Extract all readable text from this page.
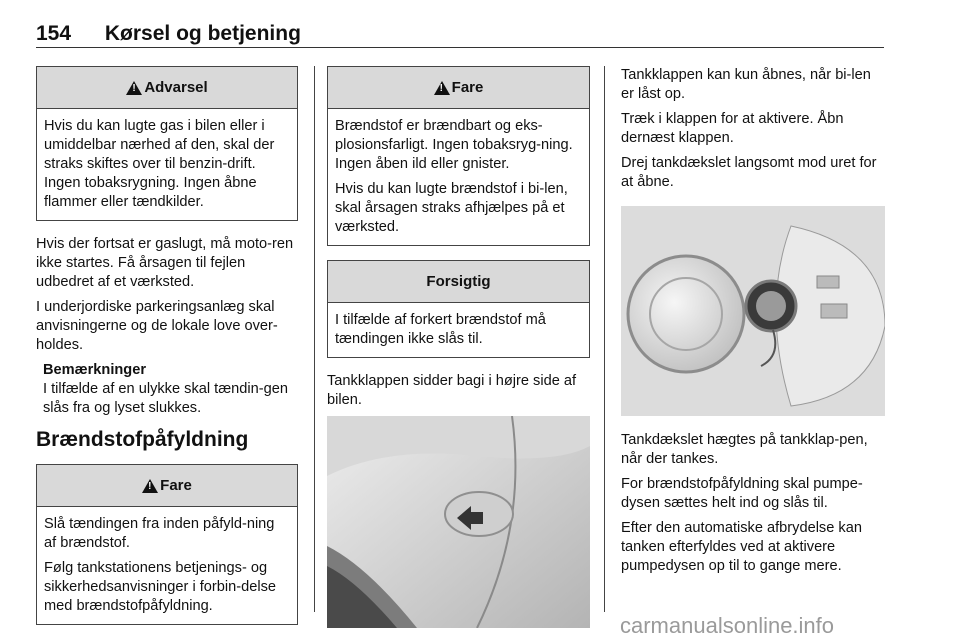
154 Kørsel og betjening
!
Advarsel

Hvis du kan lugte gas i bilen eller i umiddelbar nærhed af den, skal der straks skiftes over til benzin-drift. Ingen tobaksrygning. Ingen åbne flammer eller tændkilder.

Hvis der fortsat er gaslugt, må moto-ren ikke startes. Få årsagen til fejlen udbedret af et værksted.

I underjordiske parkeringsanlæg skal anvisningerne og de lokale love over-holdes.

Bemærkninger
I tilfælde af en ulykke skal tændin-gen slås fra og lyset slukkes.
Brændstofpåfyldning
!
Fare

Slå tændingen fra inden påfyld-ning af brændstof.

Følg tankstationens betjenings- og sikkerhedsanvisninger i forbin-delse med brændstofpåfyldning.

!
Fare

Brændstof er brændbart og eks-plosionsfarligt. Ingen tobaksryg-ning. Ingen åben ild eller gnister.

Hvis du kan lugte brændstof i bi-len, skal årsagen straks afhjælpes på et værksted.

Forsigtig

I tilfælde af forkert brændstof må tændingen ikke slås til.

Tankklappen sidder bagi i højre side af bilen.

Tankklappen kan kun åbnes, når bi-len er låst op.

Træk i klappen for at aktivere. Åbn dernæst klappen.

Drej tankdækslet langsomt mod uret for at åbne.

Tankdækslet hægtes på tankklap-pen, når der tankes.

For brændstofpåfyldning skal pumpe-dysen sættes helt ind og slås til.

Efter den automatiske afbrydelse kan tanken efterfyldes ved at aktivere pumpedysen op til to gange mere.

carmanualsonline.info
